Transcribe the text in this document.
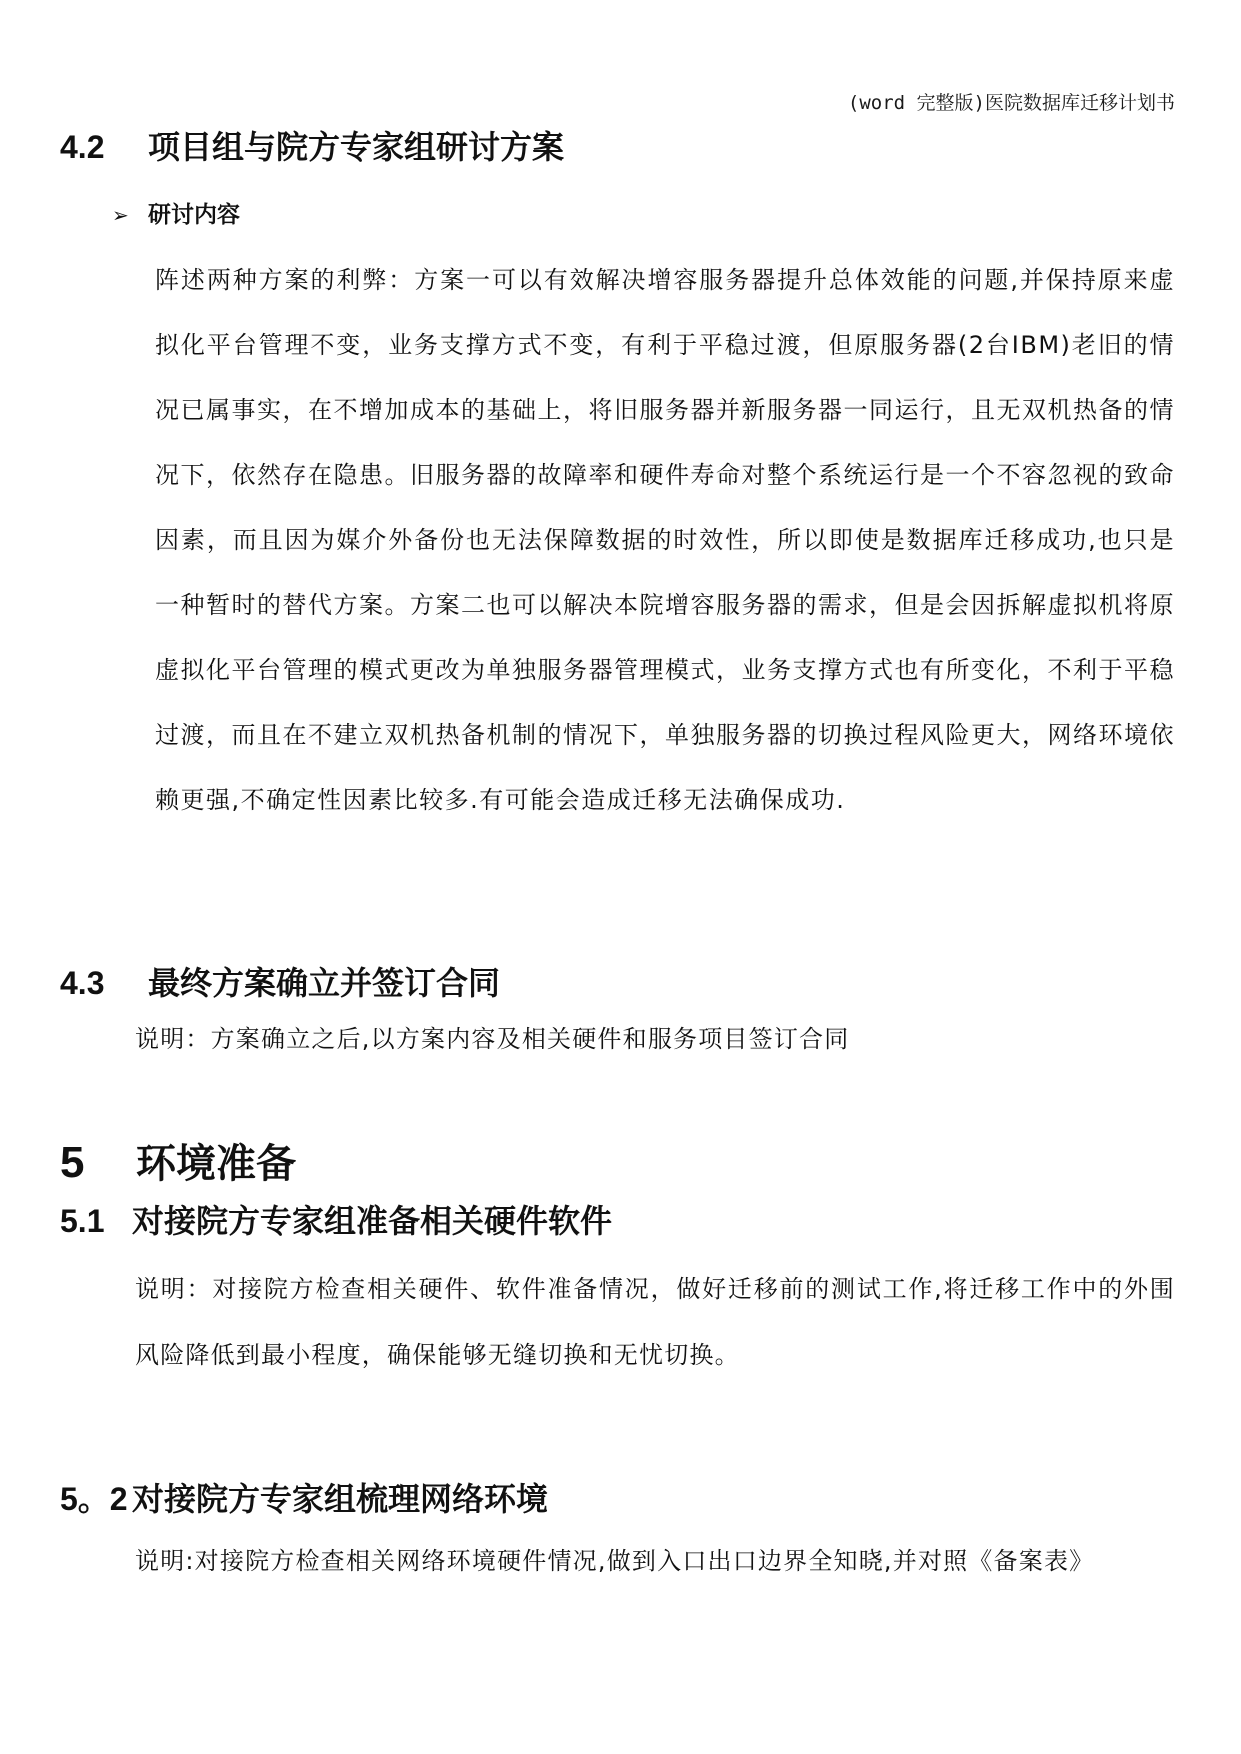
(word 完整版)医院数据库迁移计划书
4.2 项目组与院方专家组研讨方案
➢ 研讨内容

阵述两种方案的利弊：方案一可以有效解决增容服务器提升总体效能的问题,并保持原来虚拟化平台管理不变，业务支撑方式不变，有利于平稳过渡，但原服务器(2台IBM)老旧的情况已属事实，在不增加成本的基础上，将旧服务器并新服务器一同运行，且无双机热备的情况下，依然存在隐患。旧服务器的故障率和硬件寿命对整个系统运行是一个不容忽视的致命因素，而且因为媒介外备份也无法保障数据的时效性，所以即使是数据库迁移成功,也只是一种暂时的替代方案。方案二也可以解决本院增容服务器的需求，但是会因拆解虚拟机将原虚拟化平台管理的模式更改为单独服务器管理模式，业务支撑方式也有所变化，不利于平稳过渡，而且在不建立双机热备机制的情况下，单独服务器的切换过程风险更大，网络环境依赖更强,不确定性因素比较多.有可能会造成迁移无法确保成功.

4.3 最终方案确立并签订合同

说明：方案确立之后,以方案内容及相关硬件和服务项目签订合同

5 环境准备
5.1 对接院方专家组准备相关硬件软件

说明：对接院方检查相关硬件、软件准备情况，做好迁移前的测试工作,将迁移工作中的外围风险降低到最小程度，确保能够无缝切换和无忧切换。

5。2 对接院方专家组梳理网络环境

说明:对接院方检查相关网络环境硬件情况,做到入口出口边界全知晓,并对照《备案表》
